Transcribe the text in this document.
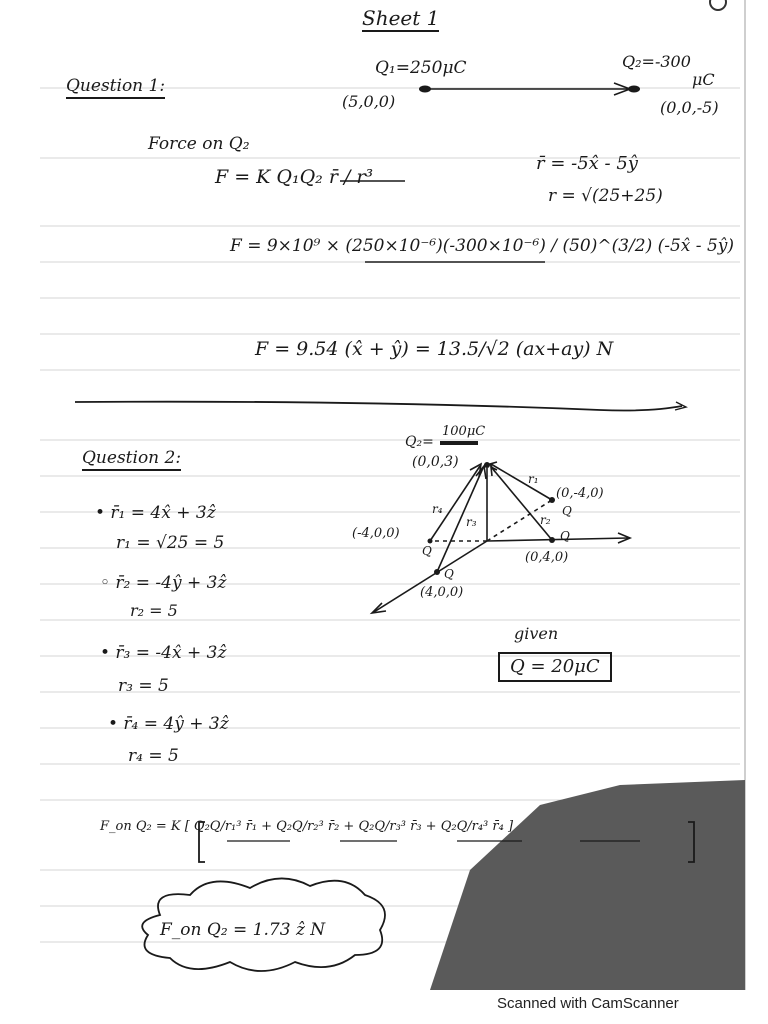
Sheet 1
Question 1:
Q₁=250μC
(5,0,0)
Q₂=-300
μC
(0,0,-5)
Force on Q₂
F = K Q₁Q₂ r̄ / r³
r̄ = -5x̂ - 5ŷ
r = √(25+25)
F = 9×10⁹ × (250×10⁻⁶)(-300×10⁻⁶) / (50)^(3/2) (-5x̂ - 5ŷ)
F = 9.54 (x̂ + ŷ) = 13.5/√2 (ax+ay) N
Question 2:
• r̄₁ = 4x̂ + 3ẑ
r₁ = √25 = 5
◦ r̄₂ = -4ŷ + 3ẑ
r₂ = 5
• r̄₃ = -4x̂ + 3ẑ
r₃ = 5
• r̄₄ = 4ŷ + 3ẑ
r₄ = 5
100μC
Q₂=
(0,0,3)
(-4,0,0)
(0,-4,0)
(0,4,0)
(4,0,0)
Q
Q
Q
Q
r₁
r₂
r₃
r₄
given
Q = 20μC
F_on Q₂ = K [ Q₂Q/r₁³ r̄₁ + Q₂Q/r₂³ r̄₂ + Q₂Q/r₃³ r̄₃ + Q₂Q/r₄³ r̄₄ ]
F_on Q₂ = 1.73 ẑ N
Scanned with CamScanner
